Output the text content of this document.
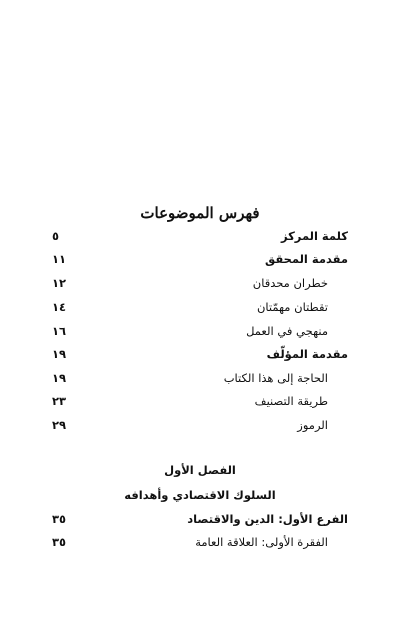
فهرس الموضوعات
كلمة المركز
٥
مقدمة المحقق
١١
خطران محدقان
١٢
تقطتان مهمّتان
١٤
منهجي في العمل
١٦
مقدمة المؤلّف
١٩
الحاجة إلى هذا الكتاب
١٩
طريقة التصنيف
٢٣
الرموز
٢٩
الفصل الأول
السلوك الاقتصادي وأهدافه
الفرع الأول: الدين والاقتصاد
٣٥
الفقرة الأولى: العلاقة العامة
٣٥
